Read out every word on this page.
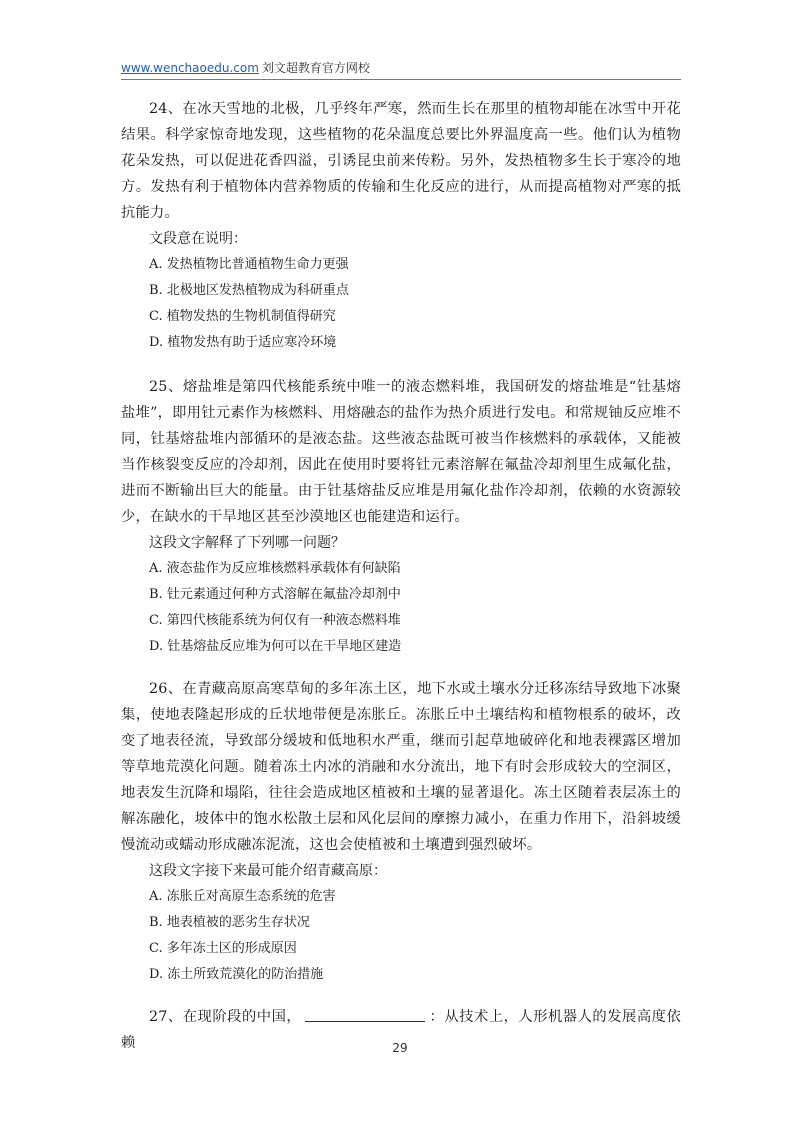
www.wenchaoedu.com 刘文超教育官方网校

24、在冰天雪地的北极，几乎终年严寒，然而生长在那里的植物却能在冰雪中开花结果。科学家惊奇地发现，这些植物的花朵温度总要比外界温度高一些。他们认为植物花朵发热，可以促进花香四溢，引诱昆虫前来传粉。另外，发热植物多生长于寒冷的地方。发热有利于植物体内营养物质的传输和生化反应的进行，从而提高植物对严寒的抵抗能力。

文段意在说明：

A. 发热植物比普通植物生命力更强

B. 北极地区发热植物成为科研重点

C. 植物发热的生物机制值得研究

D. 植物发热有助于适应寒冷环境

25、熔盐堆是第四代核能系统中唯一的液态燃料堆，我国研发的熔盐堆是“钍基熔盐堆”，即用钍元素作为核燃料、用熔融态的盐作为热介质进行发电。和常规铀反应堆不同，钍基熔盐堆内部循环的是液态盐。这些液态盐既可被当作核燃料的承载体，又能被当作核裂变反应的冷却剂，因此在使用时要将钍元素溶解在氟盐冷却剂里生成氟化盐，进而不断输出巨大的能量。由于钍基熔盐反应堆是用氟化盐作冷却剂，依赖的水资源较少，在缺水的干旱地区甚至沙漠地区也能建造和运行。

这段文字解释了下列哪一问题？

A. 液态盐作为反应堆核燃料承载体有何缺陷

B. 钍元素通过何种方式溶解在氟盐冷却剂中

C. 第四代核能系统为何仅有一种液态燃料堆

D. 钍基熔盐反应堆为何可以在干旱地区建造

26、在青藏高原高寒草甸的多年冻土区，地下水或土壤水分迁移冻结导致地下冰聚集，使地表隆起形成的丘状地带便是冻胀丘。冻胀丘中土壤结构和植物根系的破坏，改变了地表径流，导致部分缓坡和低地积水严重，继而引起草地破碎化和地表裸露区增加等草地荒漠化问题。随着冻土内冰的消融和水分流出，地下有时会形成较大的空洞区，地表发生沉降和塌陷，往往会造成地区植被和土壤的显著退化。冻土区随着表层冻土的解冻融化，坡体中的饱水松散土层和风化层间的摩擦力减小，在重力作用下，沿斜坡缓慢流动或蠕动形成融冻泥流，这也会使植被和土壤遭到强烈破坏。

这段文字接下来最可能介绍青藏高原：

A. 冻胀丘对高原生态系统的危害

B. 地表植被的恶劣生存状况

C. 多年冻土区的形成原因

D. 冻土所致荒漠化的防治措施

27、在现阶段的中国，	：从技术上，人形机器人的发展高度依赖	29
